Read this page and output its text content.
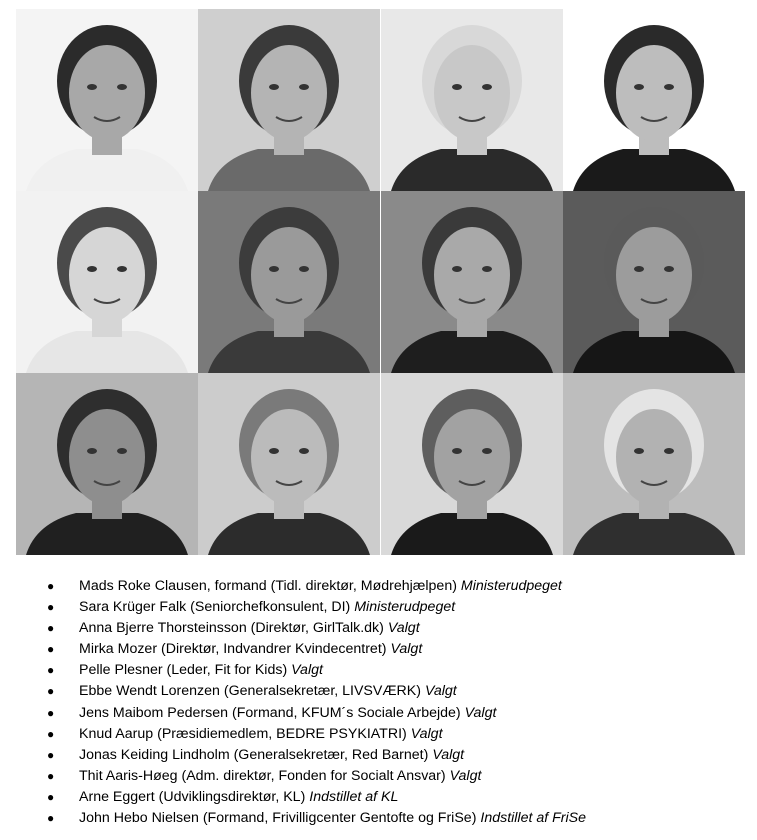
● Mads Roke Clausen, formand (Tidl. direktør, Mødrehjælpen) Ministerudpeget
● Sara Krüger Falk (Seniorchefkonsulent, DI) Ministerudpeget
● Anna Bjerre Thorsteinsson (Direktør, GirlTalk.dk) Valgt
● Mirka Mozer (Direktør, Indvandrer Kvindecentret) Valgt
● Pelle Plesner (Leder, Fit for Kids) Valgt
● Ebbe Wendt Lorenzen (Generalsekretær, LIVSVÆRK) Valgt
● Jens Maibom Pedersen (Formand, KFUM´s Sociale Arbejde) Valgt
● Knud Aarup (Præsidiemedlem, BEDRE PSYKIATRI) Valgt
● Jonas Keiding Lindholm (Generalsekretær, Red Barnet) Valgt
● Thit Aaris-Høeg (Adm. direktør, Fonden for Socialt Ansvar) Valgt
● Arne Eggert (Udviklingsdirektør, KL) Indstillet af KL
● John Hebo Nielsen (Formand, Frivilligcenter Gentofte og FriSe) Indstillet af FriSe
